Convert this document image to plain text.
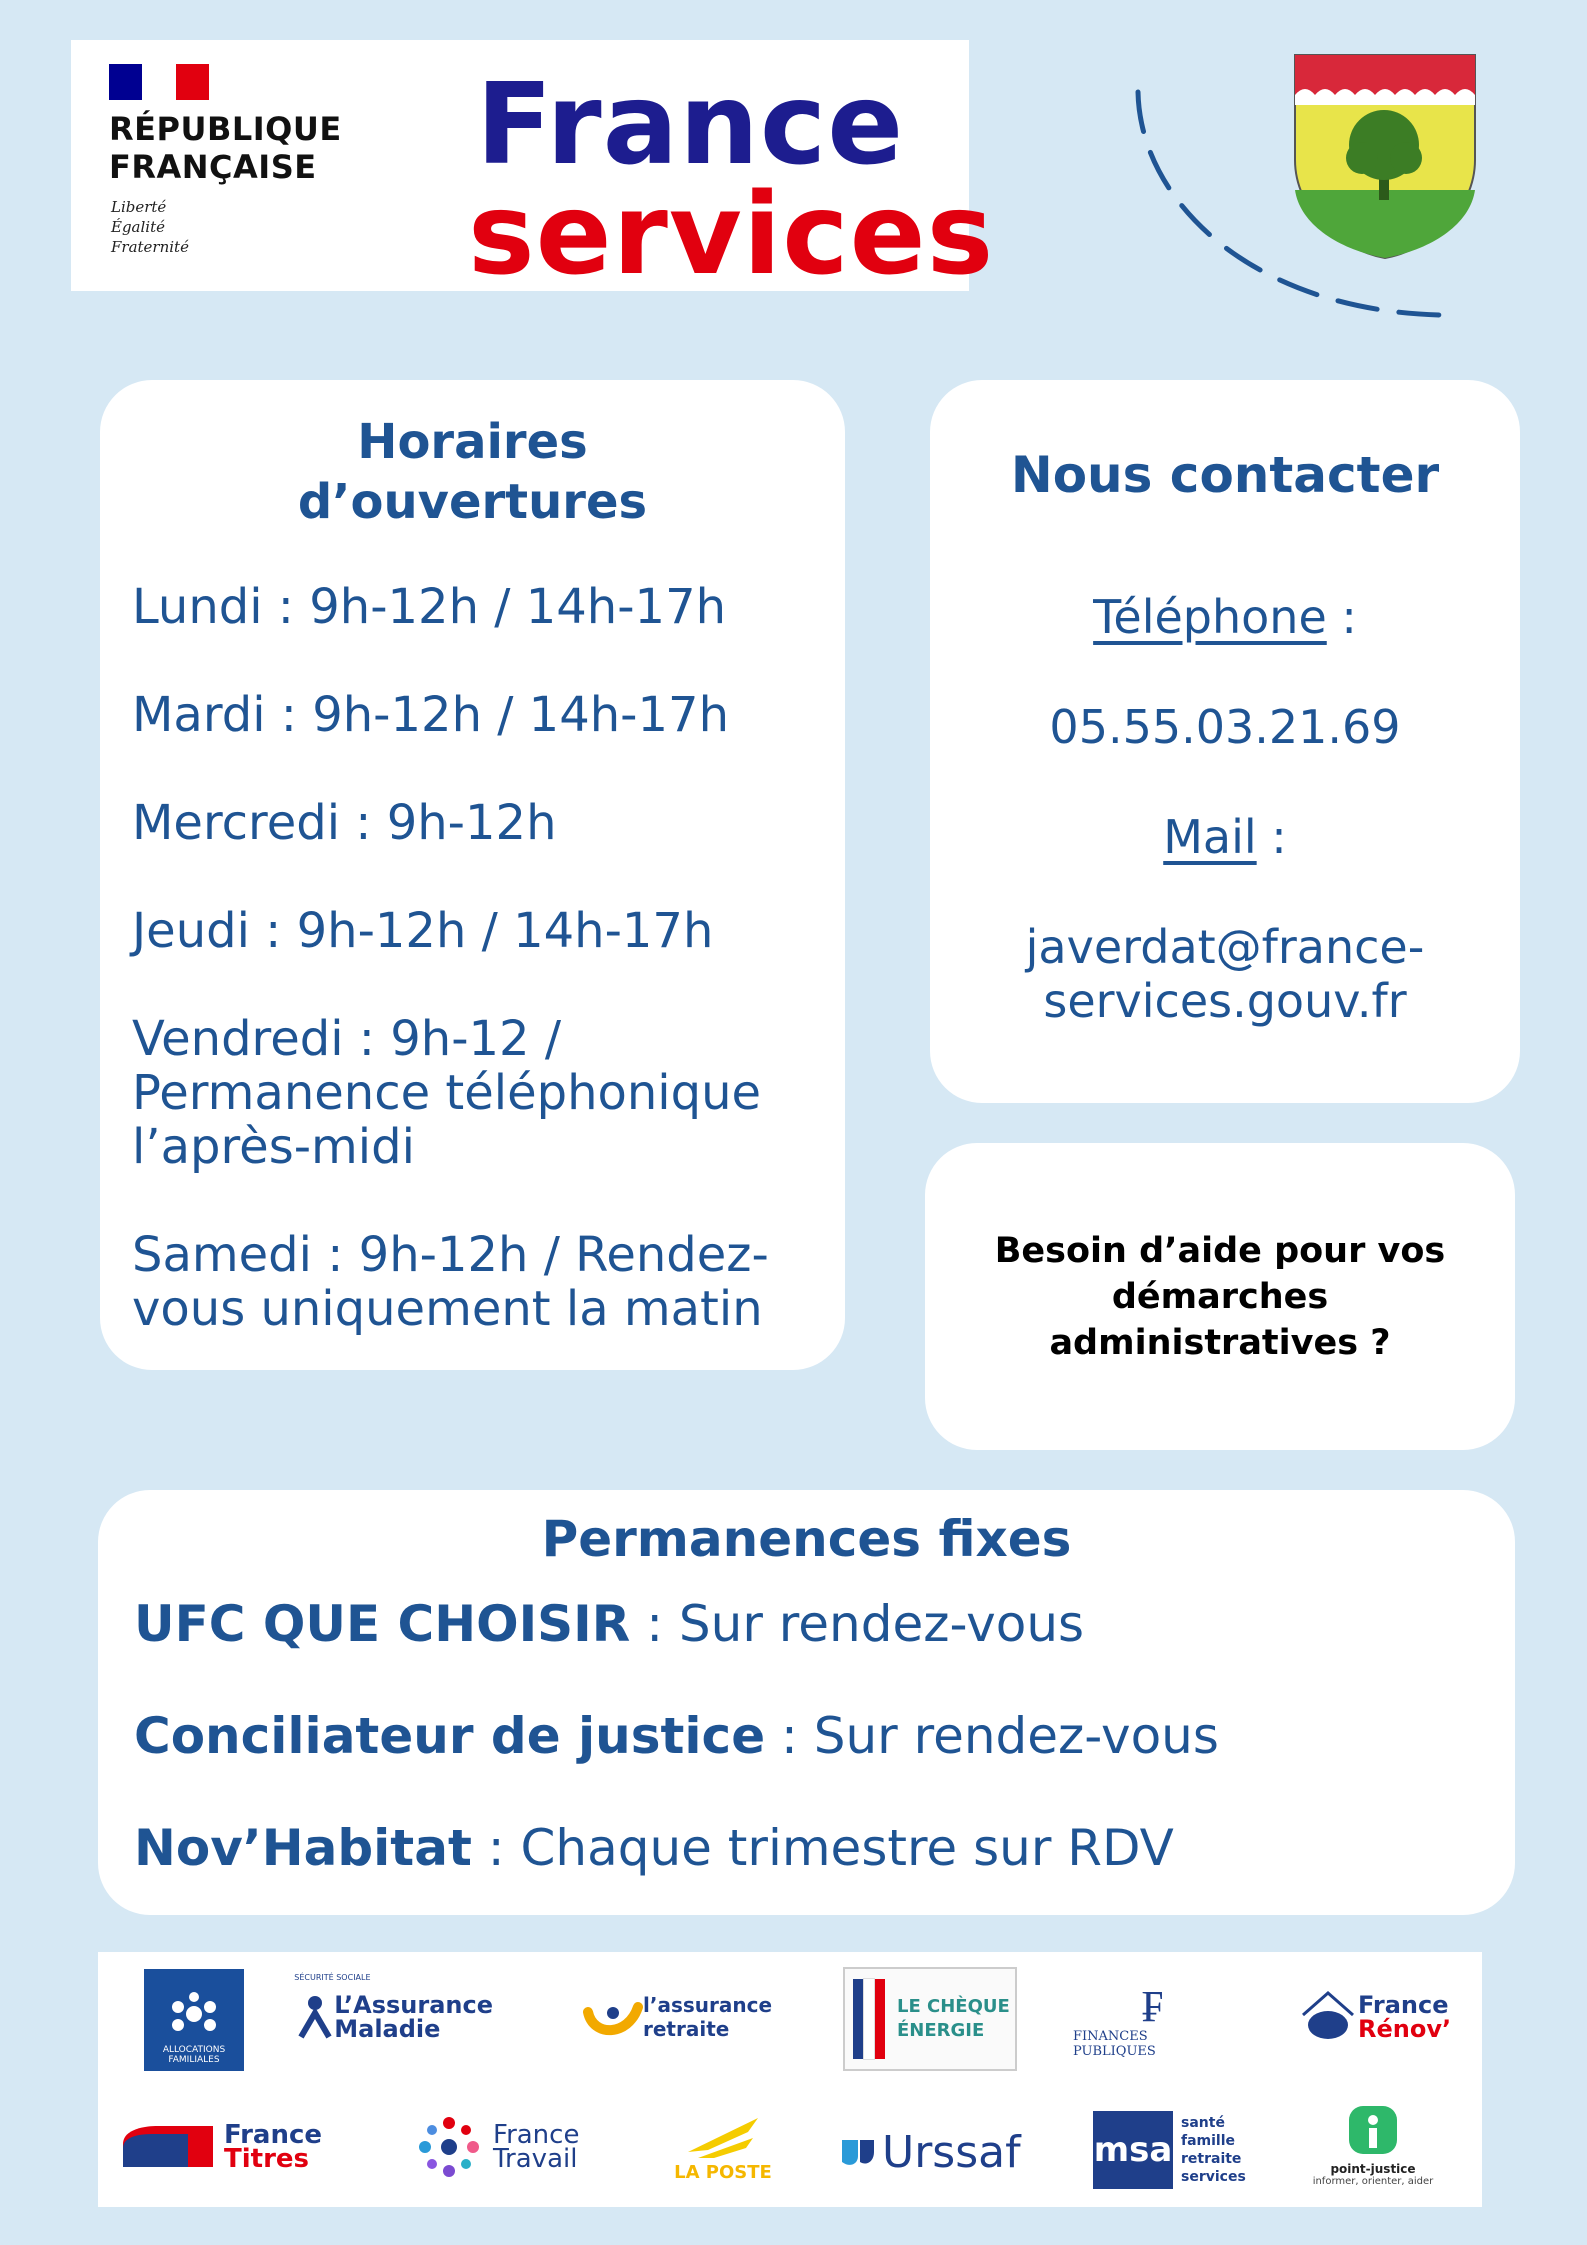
RÉPUBLIQUE
FRANÇAISE
Liberté
Égalité
Fraternité
France
services
Horaires
d’ouvertures
Lundi : 9h-12h / 14h-17h
Mardi : 9h-12h / 14h-17h
Mercredi : 9h-12h
Jeudi : 9h-12h / 14h-17h
Vendredi : 9h-12 /
Permanence téléphonique
l’après-midi
Samedi : 9h-12h / Rendez-
vous uniquement la matin
Nous contacter
Téléphone :
05.55.03.21.69
Mail :
javerdat@france-
services.gouv.fr
Besoin d’aide pour vos
démarches
administratives ?
Permanences fixes
UFC QUE CHOISIR : Sur rendez-vous
Conciliateur de justice : Sur rendez-vous
Nov’Habitat : Chaque trimestre sur RDV
ALLOCATIONS FAMILIALES
SÉCURITÉ SOCIALE
L’Assurance
Maladie
l’assurance
retraite
LE CHÈQUE
ÉNERGIE	₣
FINANCES PUBLIQUES
France
Rénov’
France
Titres
France
Travail	LA POSTE	Urssaf msa
santé
famille
retraite
services	point-justice
informer, orienter, aider
